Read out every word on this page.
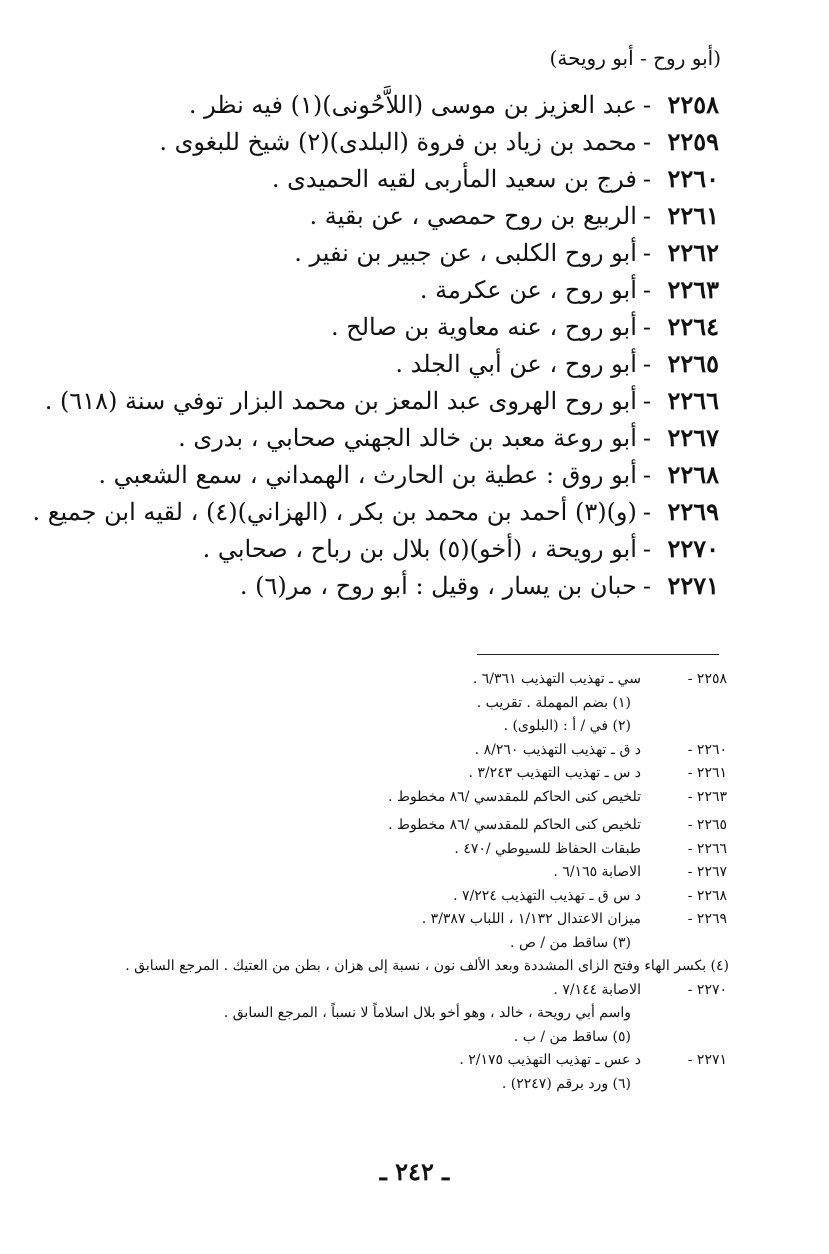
(أبو روح - أبو رويحة)
٢٢٥٨-عبد العزيز بن موسى (اللاَّحُونى)(١) فيه نظر .
٢٢٥٩-محمد بن زياد بن فروة (البلدى)(٢) شيخ للبغوى .
٢٢٦٠-فرج بن سعيد المأربى لقيه الحميدى .
٢٢٦١-الربيع بن روح حمصي ، عن بقية .
٢٢٦٢-أبو روح الكلبى ، عن جبير بن نفير .
٢٢٦٣-أبو روح ، عن عكرمة .
٢٢٦٤-أبو روح ، عنه معاوية بن صالح .
٢٢٦٥-أبو روح ، عن أبي الجلد .
٢٢٦٦-أبو روح الهروى عبد المعز بن محمد البزار توفي سنة (٦١٨) .
٢٢٦٧-أبو روعة معبد بن خالد الجهني صحابي ، بدرى .
٢٢٦٨-أبو روق : عطية بن الحارث ، الهمداني ، سمع الشعبي .
٢٢٦٩-(و)(٣) أحمد بن محمد بن بكر ، (الهزاني)(٤) ، لقيه ابن جميع .
٢٢٧٠-أبو رويحة ، (أخو)(٥) بلال بن رباح ، صحابي .
٢٢٧١-حبان بن يسار ، وقيل : أبو روح ، مر(٦) .
٢٢٥٨ -
سي ـ تهذيب التهذيب ٦/٣٦١ .
(١) بضم المهملة . تقريب .
(٢) في / أ : (البلوى) .
٢٢٦٠ -
د ق ـ تهذيب التهذيب ٨/٢٦٠ .
٢٢٦١ -
د س ـ تهذيب التهذيب ٣/٢٤٣ .
٢٢٦٣ -
تلخيص كنى الحاكم للمقدسي /٨٦ مخطوط .
٢٢٦٥ -
تلخيص كنى الحاكم للمقدسي /٨٦ مخطوط .
٢٢٦٦ -
طبقات الحفاظ للسيوطي /٤٧٠ .
٢٢٦٧ -
الاصابة ٦/١٦٥ .
٢٢٦٨ -
د س ق ـ تهذيب التهذيب ٧/٢٢٤ .
٢٢٦٩ -
ميزان الاعتدال ١/١٣٢ ، اللباب ٣/٣٨٧ .
(٣) ساقط من / ص .
(٤) بكسر الهاء وفتح الزاى المشددة وبعد الألف نون ، نسبة إلى هزان ، بطن من العتيك . المرجع السابق .
٢٢٧٠ -
الاصابة ٧/١٤٤ .
واسم أبي رويحة ، خالد ، وهو أخو بلال اسلاماً لا نسباً ، المرجع السابق .
(٥) ساقط من / ب .
٢٢٧١ -
د عس ـ تهذيب التهذيب ٢/١٧٥ .
(٦) ورد برقم (٢٢٤٧) .
ـ ٢٤٢ ـ
